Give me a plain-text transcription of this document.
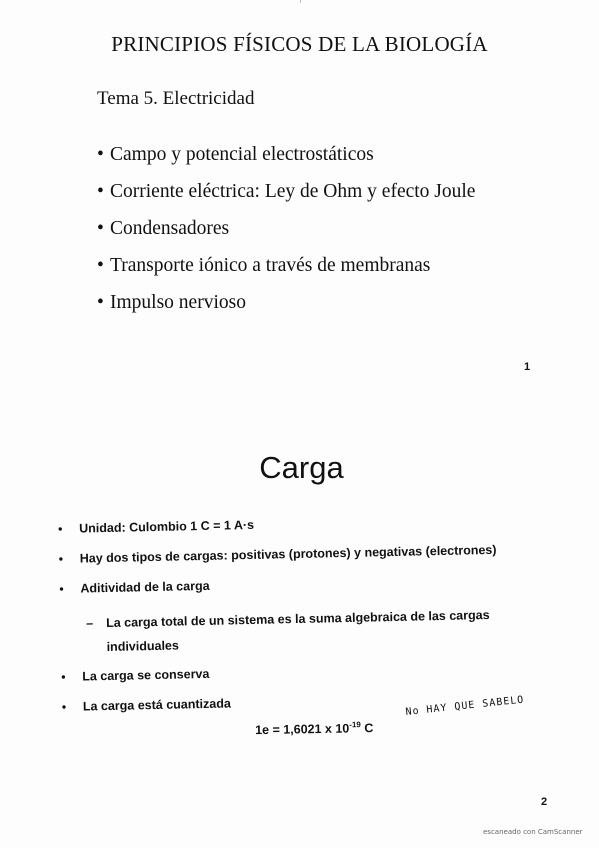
PRINCIPIOS FÍSICOS DE LA BIOLOGÍA
Tema 5. Electricidad
• Campo y potencial electrostáticos
• Corriente eléctrica: Ley de Ohm y efecto Joule
• Condensadores
• Transporte iónico a través de membranas
• Impulso nervioso
1
Carga
• Unidad: Culombio 1 C = 1 A·s
• Hay dos tipos de cargas: positivas (protones) y negativas (electrones)
• Aditividad de la carga
– La carga total de un sistema es la suma algebraica de las cargas
individuales
• La carga se conserva
• La carga está cuantizada
1e = 1,6021 x $10^{-19}$ C
No HAY QUE SABELO
2
escaneado con CamScanner
